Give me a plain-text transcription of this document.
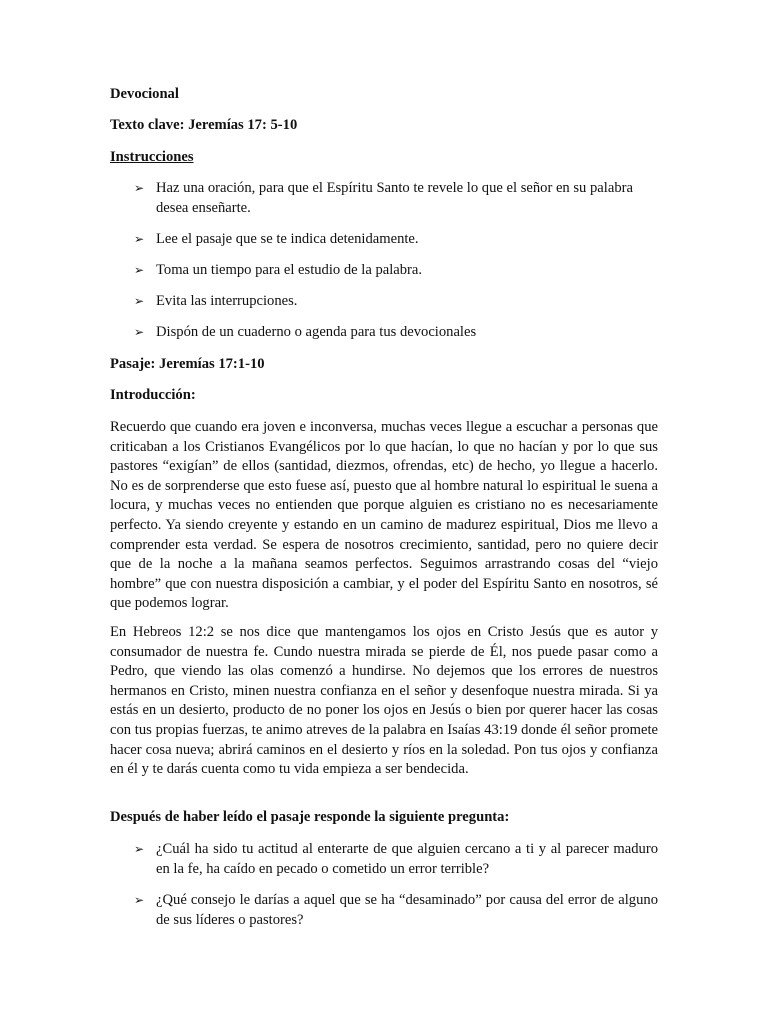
Devocional

Texto clave: Jeremías 17: 5-10

Instrucciones

➢ Haz una oración, para que el Espíritu Santo te revele lo que el señor en su palabra desea enseñarte.

➢ Lee el pasaje que se te indica detenidamente.

➢ Toma un tiempo para el estudio de la palabra.

➢ Evita las interrupciones.

➢ Dispón de un cuaderno o agenda para tus devocionales

Pasaje: Jeremías 17:1-10

Introducción:

Recuerdo que cuando era joven e inconversa, muchas veces llegue a escuchar a personas que criticaban a los Cristianos Evangélicos por lo que hacían, lo que no hacían y por lo que sus pastores “exigían” de ellos (santidad, diezmos, ofrendas, etc) de hecho, yo llegue a hacerlo. No es de sorprenderse que esto fuese así, puesto que al hombre natural lo espiritual le suena a locura, y muchas veces no entienden que porque alguien es cristiano no es necesariamente perfecto. Ya siendo creyente y estando en un camino de madurez espiritual, Dios me llevo a comprender esta verdad. Se espera de nosotros crecimiento, santidad, pero no quiere decir que de la noche a la mañana seamos perfectos. Seguimos arrastrando cosas del “viejo hombre” que con nuestra disposición a cambiar, y el poder del Espíritu Santo en nosotros, sé que podemos lograr.

En Hebreos 12:2 se nos dice que mantengamos los ojos en Cristo Jesús que es autor y consumador de nuestra fe. Cundo nuestra mirada se pierde de Él, nos puede pasar como a Pedro, que viendo las olas comenzó a hundirse. No dejemos que los errores de nuestros hermanos en Cristo, minen nuestra confianza en el señor y desenfoque nuestra mirada. Si ya estás en un desierto, producto de no poner los ojos en Jesús o bien por querer hacer las cosas con tus propias fuerzas, te animo atreves de la palabra en Isaías 43:19 donde él señor promete hacer cosa nueva; abrirá caminos en el desierto y ríos en la soledad. Pon tus ojos y confianza en él y te darás cuenta como tu vida empieza a ser bendecida.

Después de haber leído el pasaje responde la siguiente pregunta:

➢ ¿Cuál ha sido tu actitud al enterarte de que alguien cercano a ti y al parecer maduro en la fe, ha caído en pecado o cometido un error terrible?

➢ ¿Qué consejo le darías a aquel que se ha “desaminado” por causa del error de alguno de sus líderes o pastores?
